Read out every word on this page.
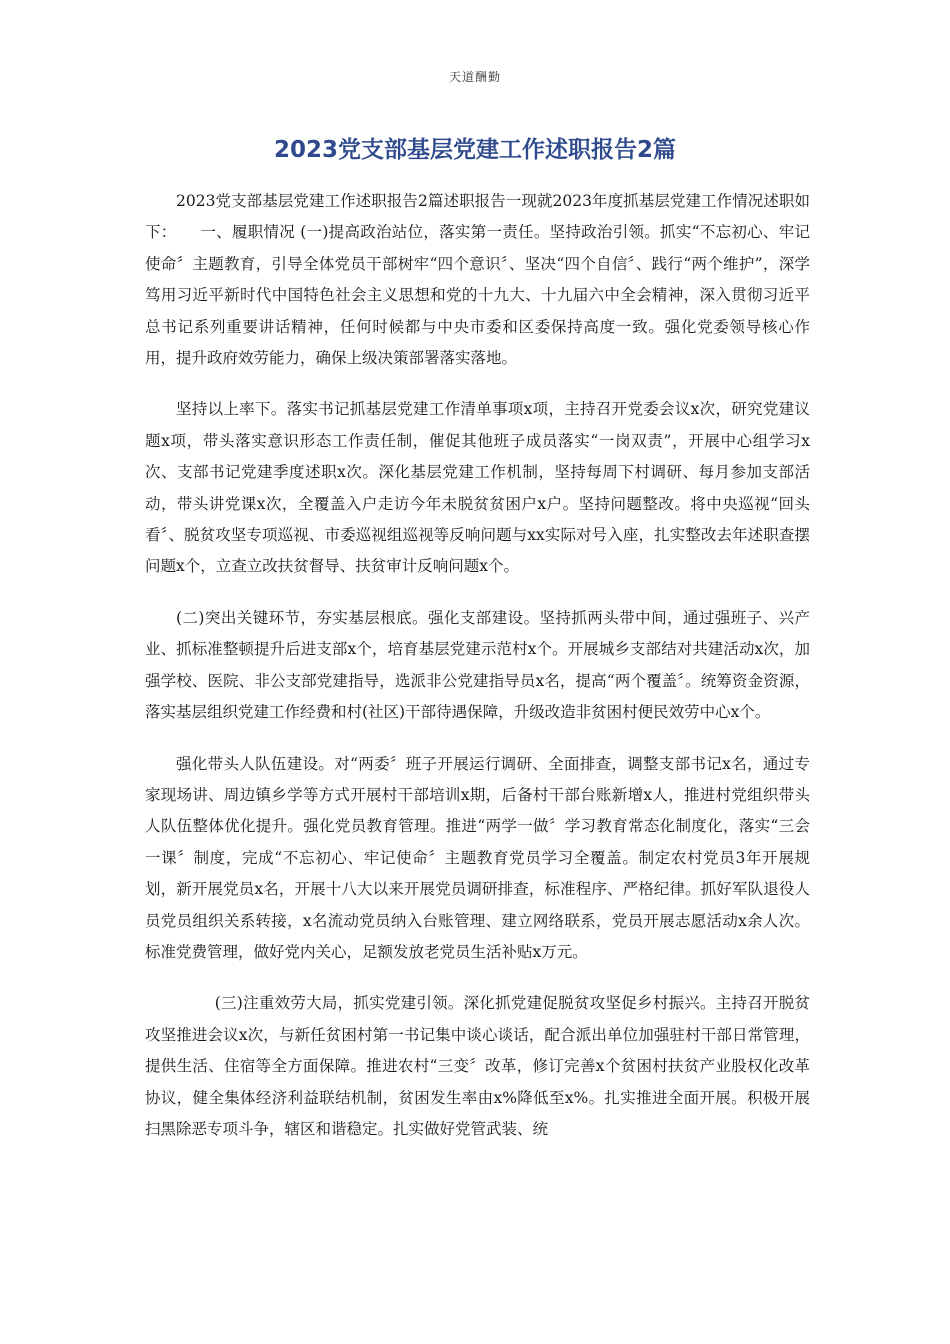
天道酬勤
2023党支部基层党建工作述职报告2篇

2023党支部基层党建工作述职报告2篇述职报告一现就2023年度抓基层党建工作情况述职如下：　　一、履职情况 (一)提高政治站位，落实第一责任。坚持政治引领。抓实“不忘初心、牢记使命〞主题教育，引导全体党员干部树牢“四个意识〞、坚决“四个自信〞、践行“两个维护”，深学笃用习近平新时代中国特色社会主义思想和党的十九大、十九届六中全会精神，深入贯彻习近平总书记系列重要讲话精神，任何时候都与中央市委和区委保持高度一致。强化党委领导核心作用，提升政府效劳能力，确保上级决策部署落实落地。

坚持以上率下。落实书记抓基层党建工作清单事项x项，主持召开党委会议x次，研究党建议题x项，带头落实意识形态工作责任制，催促其他班子成员落实“一岗双责”，开展中心组学习x次、支部书记党建季度述职x次。深化基层党建工作机制，坚持每周下村调研、每月参加支部活动，带头讲党课x次，全覆盖入户走访今年未脱贫贫困户x户。坚持问题整改。将中央巡视“回头看〞、脱贫攻坚专项巡视、市委巡视组巡视等反响问题与xx实际对号入座，扎实整改去年述职查摆问题x个，立查立改扶贫督导、扶贫审计反响问题x个。

(二)突出关键环节，夯实基层根底。强化支部建设。坚持抓两头带中间，通过强班子、兴产业、抓标准整顿提升后进支部x个，培育基层党建示范村x个。开展城乡支部结对共建活动x次，加强学校、医院、非公支部党建指导，选派非公党建指导员x名，提高“两个覆盖〞。统筹资金资源，落实基层组织党建工作经费和村(社区)干部待遇保障，升级改造非贫困村便民效劳中心x个。

强化带头人队伍建设。对“两委〞班子开展运行调研、全面排查，调整支部书记x名，通过专家现场讲、周边镇乡学等方式开展村干部培训x期，后备村干部台账新增x人，推进村党组织带头人队伍整体优化提升。强化党员教育管理。推进“两学一做〞学习教育常态化制度化，落实“三会一课〞制度，完成“不忘初心、牢记使命〞主题教育党员学习全覆盖。制定农村党员3年开展规划，新开展党员x名，开展十八大以来开展党员调研排查，标准程序、严格纪律。抓好军队退役人员党员组织关系转接，x名流动党员纳入台账管理、建立网络联系，党员开展志愿活动x余人次。标准党费管理，做好党内关心，足额发放老党员生活补贴x万元。

(三)注重效劳大局，抓实党建引领。深化抓党建促脱贫攻坚促乡村振兴。主持召开脱贫攻坚推进会议x次，与新任贫困村第一书记集中谈心谈话，配合派出单位加强驻村干部日常管理，提供生活、住宿等全方面保障。推进农村“三变〞改革，修订完善x个贫困村扶贫产业股权化改革协议，健全集体经济利益联结机制，贫困发生率由x%降低至x%。扎实推进全面开展。积极开展扫黑除恶专项斗争，辖区和谐稳定。扎实做好党管武装、统
